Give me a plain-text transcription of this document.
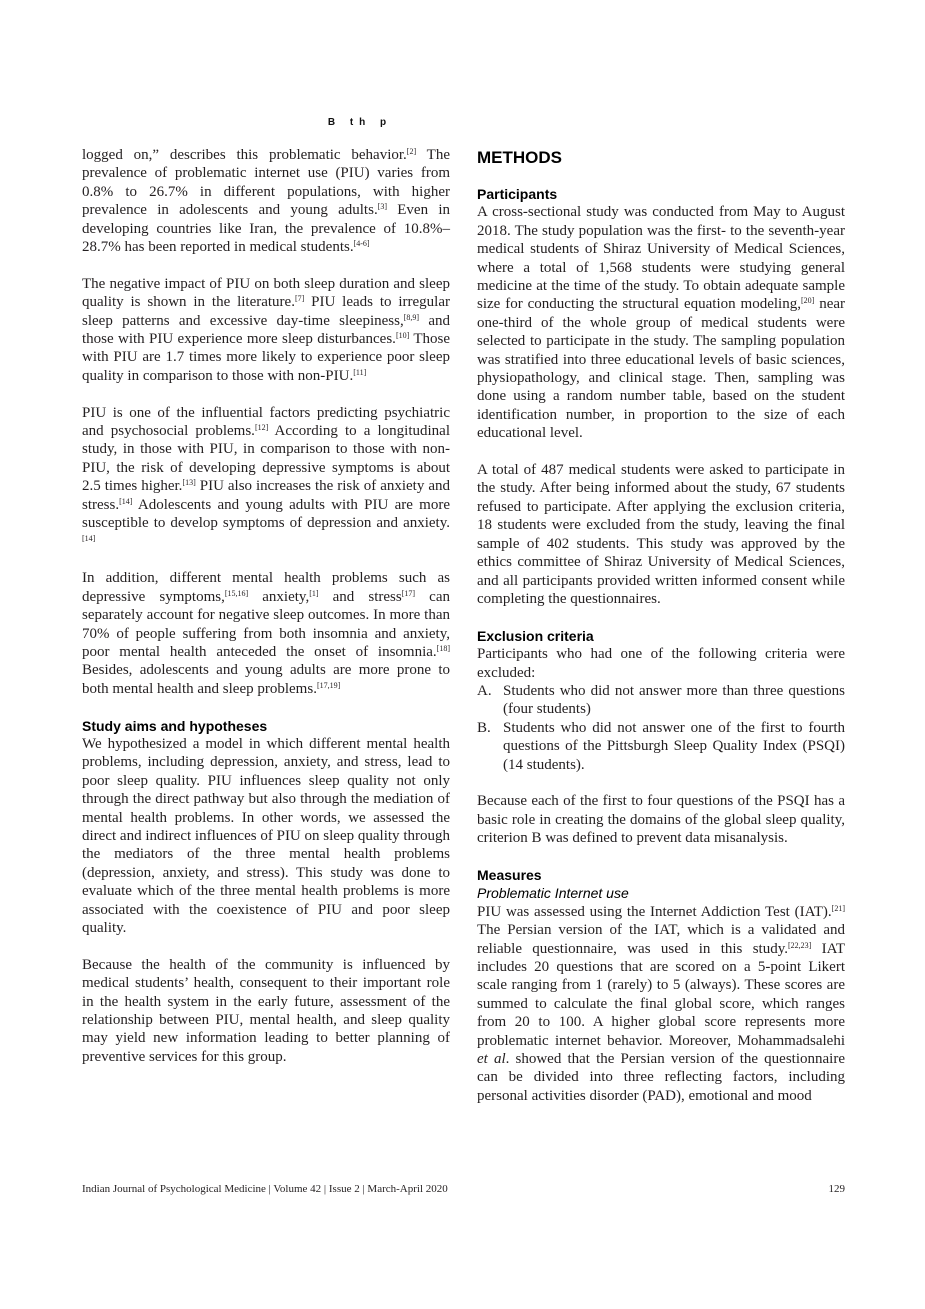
B th p

logged on,” describes this problematic behavior.[2] The prevalence of problematic internet use (PIU) varies from 0.8% to 26.7% in different populations, with higher prevalence in adolescents and young adults.[3] Even in developing countries like Iran, the prevalence of 10.8%–28.7% has been reported in medical students.[4-6]

The negative impact of PIU on both sleep duration and sleep quality is shown in the literature.[7] PIU leads to irregular sleep patterns and excessive day-time sleepiness,[8,9] and those with PIU experience more sleep disturbances.[10] Those with PIU are 1.7 times more likely to experience poor sleep quality in comparison to those with non-PIU.[11]

PIU is one of the influential factors predicting psychiatric and psychosocial problems.[12] According to a longitudinal study, in those with PIU, in comparison to those with non-PIU, the risk of developing depressive symptoms is about 2.5 times higher.[13] PIU also increases the risk of anxiety and stress.[14] Adolescents and young adults with PIU are more susceptible to develop symptoms of depression and anxiety.[14]

In addition, different mental health problems such as depressive symptoms,[15,16] anxiety,[1] and stress[17] can separately account for negative sleep outcomes. In more than 70% of people suffering from both insomnia and anxiety, poor mental health anteceded the onset of insomnia.[18] Besides, adolescents and young adults are more prone to both mental health and sleep problems.[17,19]

Study aims and hypotheses

We hypothesized a model in which different mental health problems, including depression, anxiety, and stress, lead to poor sleep quality. PIU influences sleep quality not only through the direct pathway but also through the mediation of mental health problems. In other words, we assessed the direct and indirect influences of PIU on sleep quality through the mediators of the three mental health problems (depression, anxiety, and stress). This study was done to evaluate which of the three mental health problems is more associated with the coexistence of PIU and poor sleep quality.

Because the health of the community is influenced by medical students’ health, consequent to their important role in the health system in the early future, assessment of the relationship between PIU, mental health, and sleep quality may yield new information leading to better planning of preventive services for this group.

METHODS
Participants

A cross-sectional study was conducted from May to August 2018. The study population was the first- to the seventh-year medical students of Shiraz University of Medical Sciences, where a total of 1,568 students were studying general medicine at the time of the study. To obtain adequate sample size for conducting the structural equation modeling,[20] near one-third of the whole group of medical students were selected to participate in the study. The sampling population was stratified into three educational levels of basic sciences, physiopathology, and clinical stage. Then, sampling was done using a random number table, based on the student identification number, in proportion to the size of each educational level.

A total of 487 medical students were asked to participate in the study. After being informed about the study, 67 students refused to participate. After applying the exclusion criteria, 18 students were excluded from the study, leaving the final sample of 402 students. This study was approved by the ethics committee of Shiraz University of Medical Sciences, and all participants provided written informed consent while completing the questionnaires.

Exclusion criteria

Participants who had one of the following criteria were excluded:

A. Students who did not answer more than three questions (four students)
B. Students who did not answer one of the first to fourth questions of the Pittsburgh Sleep Quality Index (PSQI) (14 students).

Because each of the first to four questions of the PSQI has a basic role in creating the domains of the global sleep quality, criterion B was defined to prevent data misanalysis.

Measures
Problematic Internet use

PIU was assessed using the Internet Addiction Test (IAT).[21] The Persian version of the IAT, which is a validated and reliable questionnaire, was used in this study.[22,23] IAT includes 20 questions that are scored on a 5-point Likert scale ranging from 1 (rarely) to 5 (always). These scores are summed to calculate the final global score, which ranges from 20 to 100. A higher global score represents more problematic internet behavior. Moreover, Mohammadsalehi et al. showed that the Persian version of the questionnaire can be divided into three reflecting factors, including personal activities disorder (PAD), emotional and mood

Indian Journal of Psychological Medicine | Volume 42 | Issue 2 | March-April 2020	129
